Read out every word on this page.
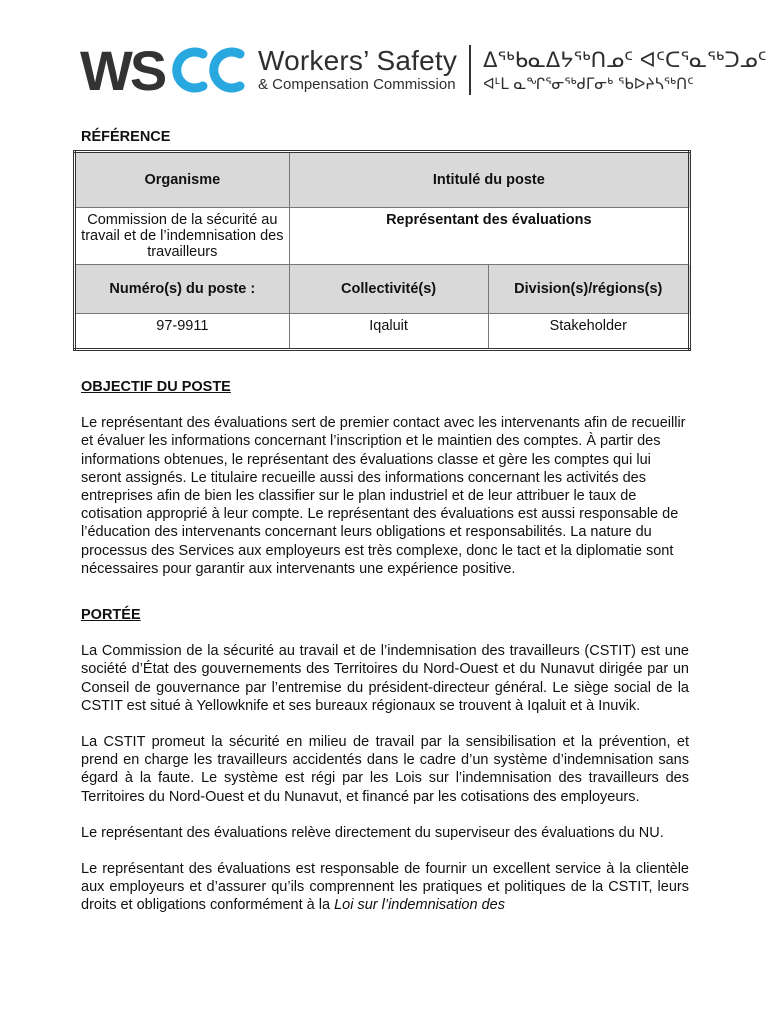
WS	Workers’ Safety
& Compensation Commission
ᐃᖅᑲᓇᐃᔭᖅᑎᓄᑦ ᐊᑦᑕᕐᓇᖅᑐᓄᑦ
ᐊᒻᒪ ᓇᖏᕐᓂᖅᑯᒥᓂᒃ ᖃᐅᔨᓴᖅᑎᑦ
RÉFÉRENCE
Organisme	Intitulé du poste	
Commission de la sécurité au travail et de l’indemnisation des travailleurs	Représentant des évaluations	
Numéro(s) du poste :	Collectivité(s)	Division(s)/régions(s)
97-9911	Iqaluit	Stakeholder
OBJECTIF DU POSTE

Le représentant des évaluations sert de premier contact avec les intervenants afin de recueillir et évaluer les informations concernant l’inscription et le maintien des comptes. À partir des informations obtenues, le représentant des évaluations classe et gère les comptes qui lui seront assignés. Le titulaire recueille aussi des informations concernant les activités des entreprises afin de bien les classifier sur le plan industriel et de leur attribuer le taux de cotisation approprié à leur compte. Le représentant des évaluations est aussi responsable de l’éducation des intervenants concernant leurs obligations et responsabilités. La nature du processus des Services aux employeurs est très complexe, donc le tact et la diplomatie sont nécessaires pour garantir aux intervenants une expérience positive.

PORTÉE

La Commission de la sécurité au travail et de l’indemnisation des travailleurs (CSTIT) est une société d’État des gouvernements des Territoires du Nord-Ouest et du Nunavut dirigée par un Conseil de gouvernance par l’entremise du président-directeur général. Le siège social de la CSTIT est situé à Yellowknife et ses bureaux régionaux se trouvent à Iqaluit et à Inuvik.

La CSTIT promeut la sécurité en milieu de travail par la sensibilisation et la prévention, et prend en charge les travailleurs accidentés dans le cadre d’un système d’indemnisation sans égard à la faute. Le système est régi par les Lois sur l’indemnisation des travailleurs des Territoires du Nord-Ouest et du Nunavut, et financé par les cotisations des employeurs.

Le représentant des évaluations relève directement du superviseur des évaluations du NU.

Le représentant des évaluations est responsable de fournir un excellent service à la clientèle aux employeurs et d’assurer qu’ils comprennent les pratiques et politiques de la CSTIT, leurs droits et obligations conformément à la Loi sur l’indemnisation des
